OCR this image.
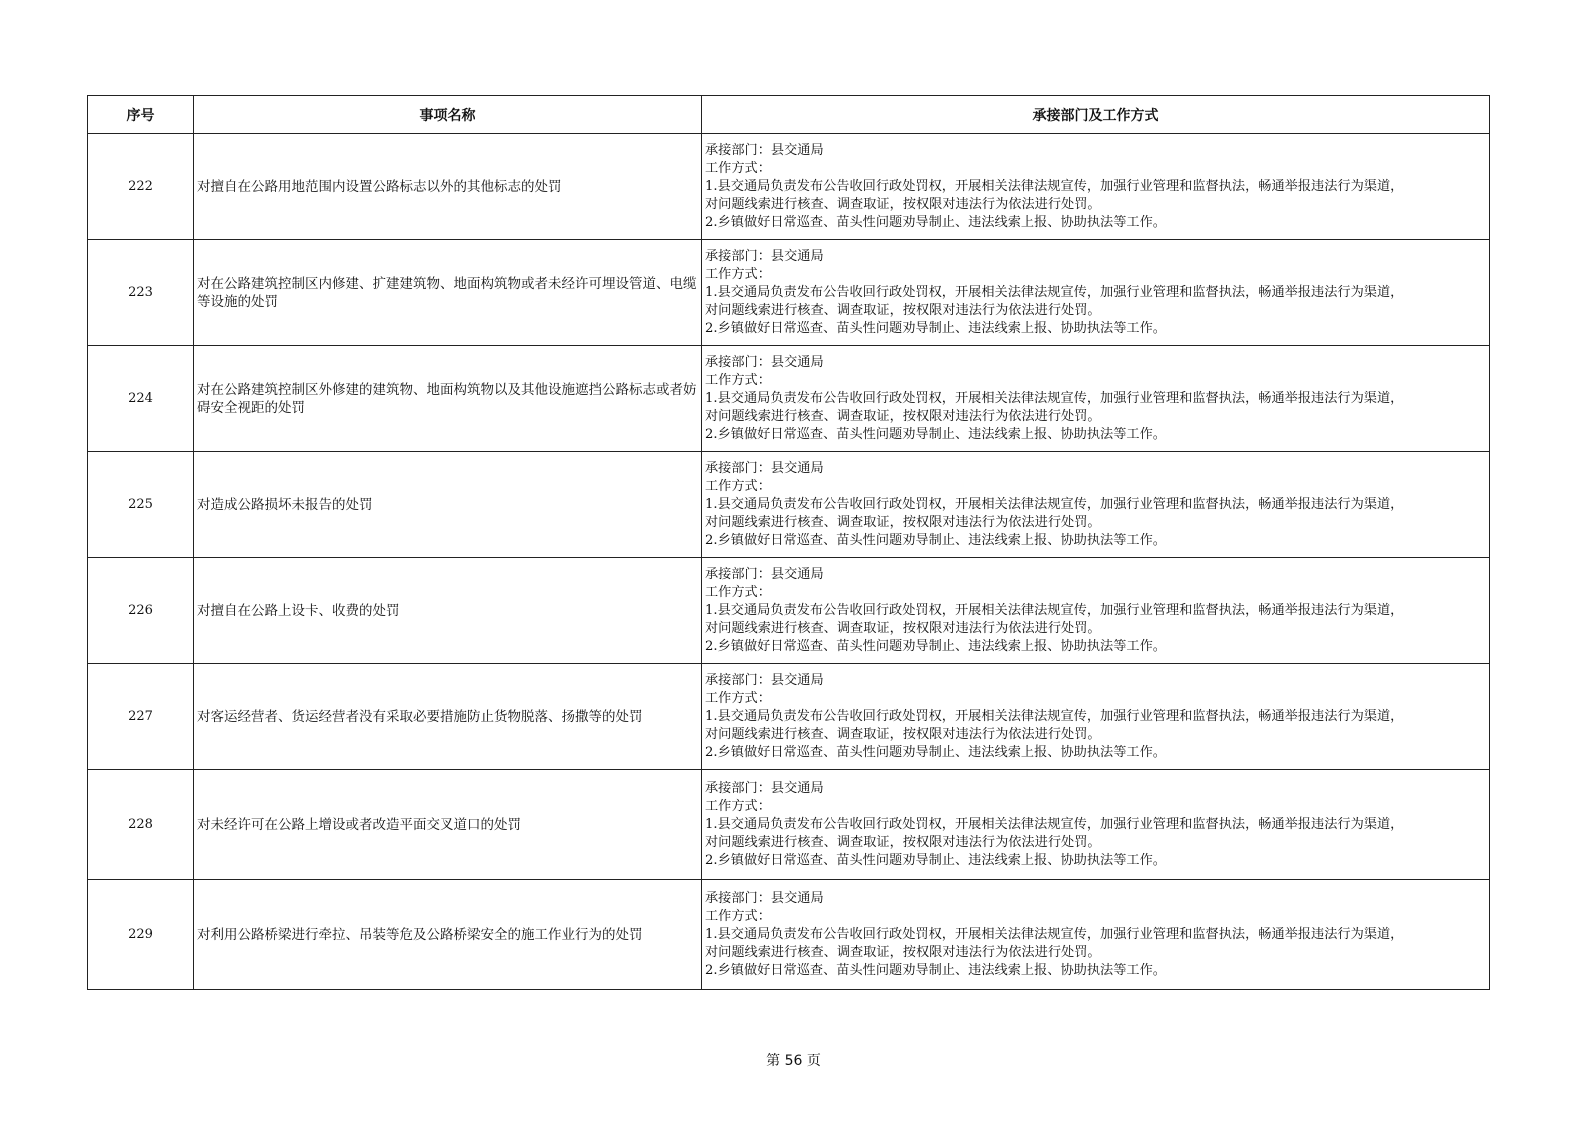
序号	事项名称	承接部门及工作方式
222	对擅自在公路用地范围内设置公路标志以外的其他标志的处罚	承接部门：县交通局
工作方式：
1.县交通局负责发布公告收回行政处罚权，开展相关法律法规宣传，加强行业管理和监督执法，畅通举报违法行为渠道，
对问题线索进行核查、调查取证，按权限对违法行为依法进行处罚。
2.乡镇做好日常巡查、苗头性问题劝导制止、违法线索上报、协助执法等工作。

223	对在公路建筑控制区内修建、扩建建筑物、地面构筑物或者未经许可埋设管道、电缆等设施的处罚	承接部门：县交通局
工作方式：
1.县交通局负责发布公告收回行政处罚权，开展相关法律法规宣传，加强行业管理和监督执法，畅通举报违法行为渠道，
对问题线索进行核查、调查取证，按权限对违法行为依法进行处罚。
2.乡镇做好日常巡查、苗头性问题劝导制止、违法线索上报、协助执法等工作。

224	对在公路建筑控制区外修建的建筑物、地面构筑物以及其他设施遮挡公路标志或者妨碍安全视距的处罚	承接部门：县交通局
工作方式：
1.县交通局负责发布公告收回行政处罚权，开展相关法律法规宣传，加强行业管理和监督执法，畅通举报违法行为渠道，
对问题线索进行核查、调查取证，按权限对违法行为依法进行处罚。
2.乡镇做好日常巡查、苗头性问题劝导制止、违法线索上报、协助执法等工作。

225	对造成公路损坏未报告的处罚	承接部门：县交通局
工作方式：
1.县交通局负责发布公告收回行政处罚权，开展相关法律法规宣传，加强行业管理和监督执法，畅通举报违法行为渠道，
对问题线索进行核查、调查取证，按权限对违法行为依法进行处罚。
2.乡镇做好日常巡查、苗头性问题劝导制止、违法线索上报、协助执法等工作。

226	对擅自在公路上设卡、收费的处罚	承接部门：县交通局
工作方式：
1.县交通局负责发布公告收回行政处罚权，开展相关法律法规宣传，加强行业管理和监督执法，畅通举报违法行为渠道，
对问题线索进行核查、调查取证，按权限对违法行为依法进行处罚。
2.乡镇做好日常巡查、苗头性问题劝导制止、违法线索上报、协助执法等工作。

227	对客运经营者、货运经营者没有采取必要措施防止货物脱落、扬撒等的处罚	承接部门：县交通局
工作方式：
1.县交通局负责发布公告收回行政处罚权，开展相关法律法规宣传，加强行业管理和监督执法，畅通举报违法行为渠道，
对问题线索进行核查、调查取证，按权限对违法行为依法进行处罚。
2.乡镇做好日常巡查、苗头性问题劝导制止、违法线索上报、协助执法等工作。

228	对未经许可在公路上增设或者改造平面交叉道口的处罚	承接部门：县交通局
工作方式：
1.县交通局负责发布公告收回行政处罚权，开展相关法律法规宣传，加强行业管理和监督执法，畅通举报违法行为渠道，
对问题线索进行核查、调查取证，按权限对违法行为依法进行处罚。
2.乡镇做好日常巡查、苗头性问题劝导制止、违法线索上报、协助执法等工作。

229	对利用公路桥梁进行牵拉、吊装等危及公路桥梁安全的施工作业行为的处罚	承接部门：县交通局
工作方式：
1.县交通局负责发布公告收回行政处罚权，开展相关法律法规宣传，加强行业管理和监督执法，畅通举报违法行为渠道，
对问题线索进行核查、调查取证，按权限对违法行为依法进行处罚。
2.乡镇做好日常巡查、苗头性问题劝导制止、违法线索上报、协助执法等工作。
第 56 页
